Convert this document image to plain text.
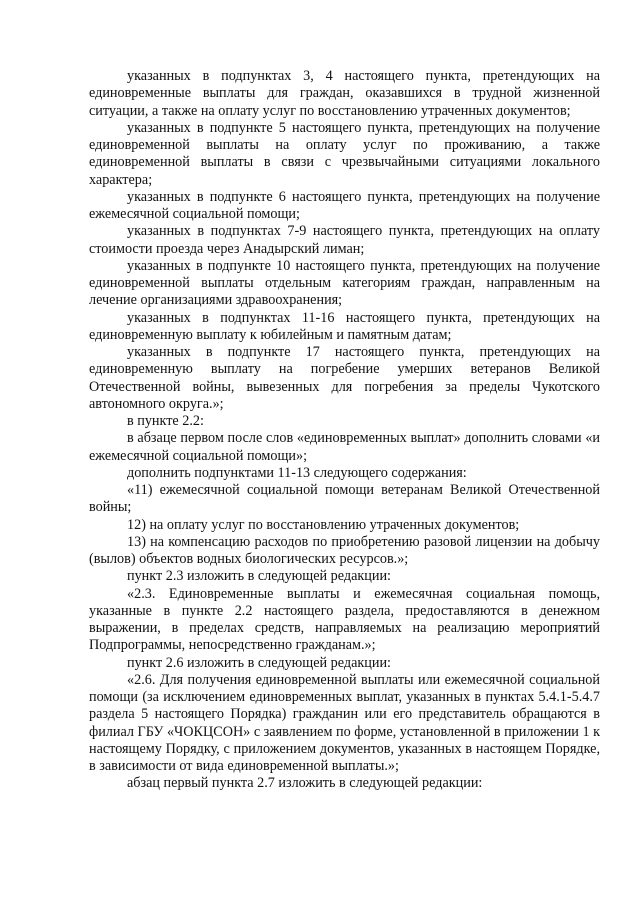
указанных в подпунктах 3, 4 настоящего пункта, претендующих на единовременные выплаты для граждан, оказавшихся в трудной жизненной ситуации, а также на оплату услуг по восстановлению утраченных документов;

указанных в подпункте 5 настоящего пункта, претендующих на получение единовременной выплаты на оплату услуг по проживанию, а также единовременной выплаты в связи с чрезвычайными ситуациями локального характера;

указанных в подпункте 6 настоящего пункта, претендующих на получение ежемесячной социальной помощи;

указанных в подпунктах 7-9 настоящего пункта, претендующих на оплату стоимости проезда через Анадырский лиман;

указанных в подпункте 10 настоящего пункта, претендующих на получение единовременной выплаты отдельным категориям граждан, направленным на лечение организациями здравоохранения;

указанных в подпунктах 11-16 настоящего пункта, претендующих на единовременную выплату к юбилейным и памятным датам;

указанных в подпункте 17 настоящего пункта, претендующих на единовременную выплату на погребение умерших ветеранов Великой Отечественной войны, вывезенных для погребения за пределы Чукотского автономного округа.»;

в пункте 2.2:

в абзаце первом после слов «единовременных выплат» дополнить словами «и ежемесячной социальной помощи»;

дополнить подпунктами 11-13 следующего содержания:

«11) ежемесячной социальной помощи ветеранам Великой Отечественной войны;

12) на оплату услуг по восстановлению утраченных документов;

13) на компенсацию расходов по приобретению разовой лицензии на добычу (вылов) объектов водных биологических ресурсов.»;

пункт 2.3 изложить в следующей редакции:

«2.3. Единовременные выплаты и ежемесячная социальная помощь, указанные в пункте 2.2 настоящего раздела, предоставляются в денежном выражении, в пределах средств, направляемых на реализацию мероприятий Подпрограммы, непосредственно гражданам.»;

пункт 2.6 изложить в следующей редакции:

«2.6. Для получения единовременной выплаты или ежемесячной социальной помощи (за исключением единовременных выплат, указанных в пунктах 5.4.1-5.4.7 раздела 5 настоящего Порядка) гражданин или его представитель обращаются в филиал ГБУ «ЧОКЦСОН» с заявлением по форме, установленной в приложении 1 к настоящему Порядку, с приложением документов, указанных в настоящем Порядке, в зависимости от вида единовременной выплаты.»;

абзац первый пункта 2.7 изложить в следующей редакции:
